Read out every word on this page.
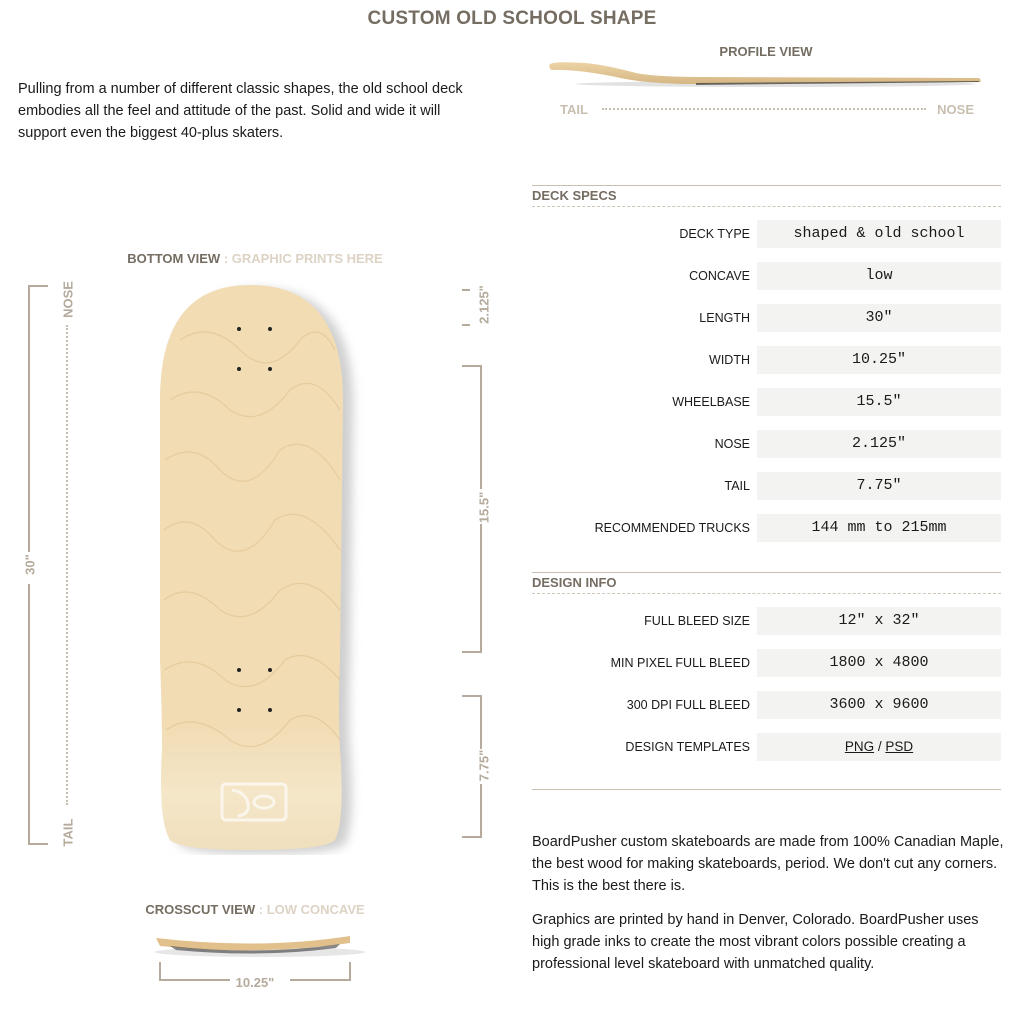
CUSTOM OLD SCHOOL SHAPE

Pulling from a number of different classic shapes, the old school deck embodies all the feel and attitude of the past. Solid and wide it will support even the biggest 40-plus skaters.

PROFILE VIEW
TAIL	NOSE
BOTTOM VIEW : GRAPHIC PRINTS HERE
30"
NOSE
TAIL
2.125"
15.5"
7.75"
CROSSCUT VIEW : LOW CONCAVE
10.25"
DECK SPECS
DECK TYPE	shaped & old school
CONCAVE	low
LENGTH	30"
WIDTH	10.25"
WHEELBASE	15.5"
NOSE	2.125"
TAIL	7.75"
RECOMMENDED TRUCKS	144 mm to 215mm
DESIGN INFO
FULL BLEED SIZE	12" x 32"
MIN PIXEL FULL BLEED	1800 x 4800
300 DPI FULL BLEED	3600 x 9600
DESIGN TEMPLATES	PNG / PSD

BoardPusher custom skateboards are made from 100% Canadian Maple, the best wood for making skateboards, period. We don't cut any corners. This is the best there is.

Graphics are printed by hand in Denver, Colorado. BoardPusher uses high grade inks to create the most vibrant colors possible creating a professional level skateboard with unmatched quality.
